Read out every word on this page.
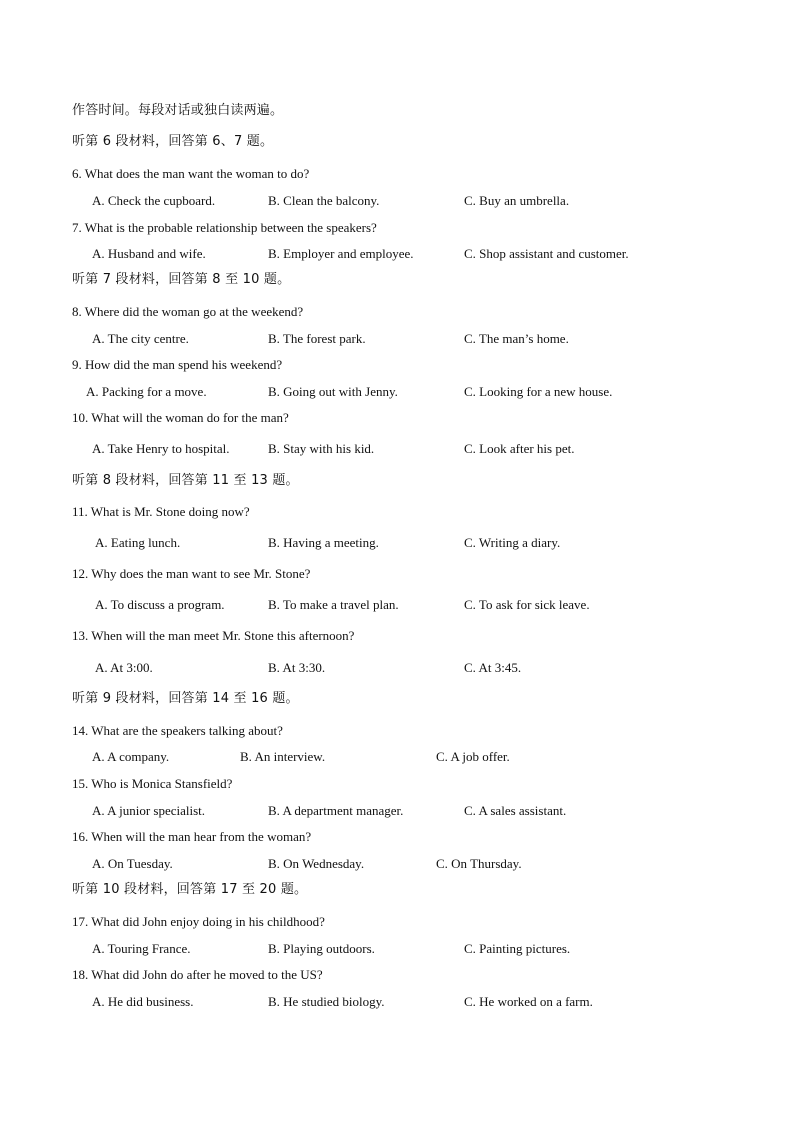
作答时间。每段对话或独白读两遍。
听第 6 段材料，回答第 6、7 题。
6. What does the man want the woman to do?
A. Check the cupboard.	B. Clean the balcony.	C. Buy an umbrella.
7. What is the probable relationship between the speakers?
A. Husband and wife.	B. Employer and employee.	C. Shop assistant and customer.
听第 7 段材料，回答第 8 至 10 题。
8. Where did the woman go at the weekend?
A. The city centre.	B. The forest park.	C. The man’s home.
9. How did the man spend his weekend?
A. Packing for a move.	B. Going out with Jenny.	C. Looking for a new house.
10. What will the woman do for the man?
A. Take Henry to hospital.	B. Stay with his kid.	C. Look after his pet.
听第 8 段材料，回答第 11 至 13 题。
11. What is Mr. Stone doing now?
A. Eating lunch.	B. Having a meeting.	C. Writing a diary.
12. Why does the man want to see Mr. Stone?
A. To discuss a program.	B. To make a travel plan.	C. To ask for sick leave.
13. When will the man meet Mr. Stone this afternoon?
A. At 3:00.	B. At 3:30.	C. At 3:45.
听第 9 段材料，回答第 14 至 16 题。
14. What are the speakers talking about?
A. A company.	B. An interview.	C. A job offer.
15. Who is Monica Stansfield?
A. A junior specialist.	B. A department manager.	C. A sales assistant.
16. When will the man hear from the woman?
A. On Tuesday.	B. On Wednesday.	C. On Thursday.
听第 10 段材料，回答第 17 至 20 题。
17. What did John enjoy doing in his childhood?
A. Touring France.	B. Playing outdoors.	C. Painting pictures.
18. What did John do after he moved to the US?
A. He did business.	B. He studied biology.	C. He worked on a farm.
